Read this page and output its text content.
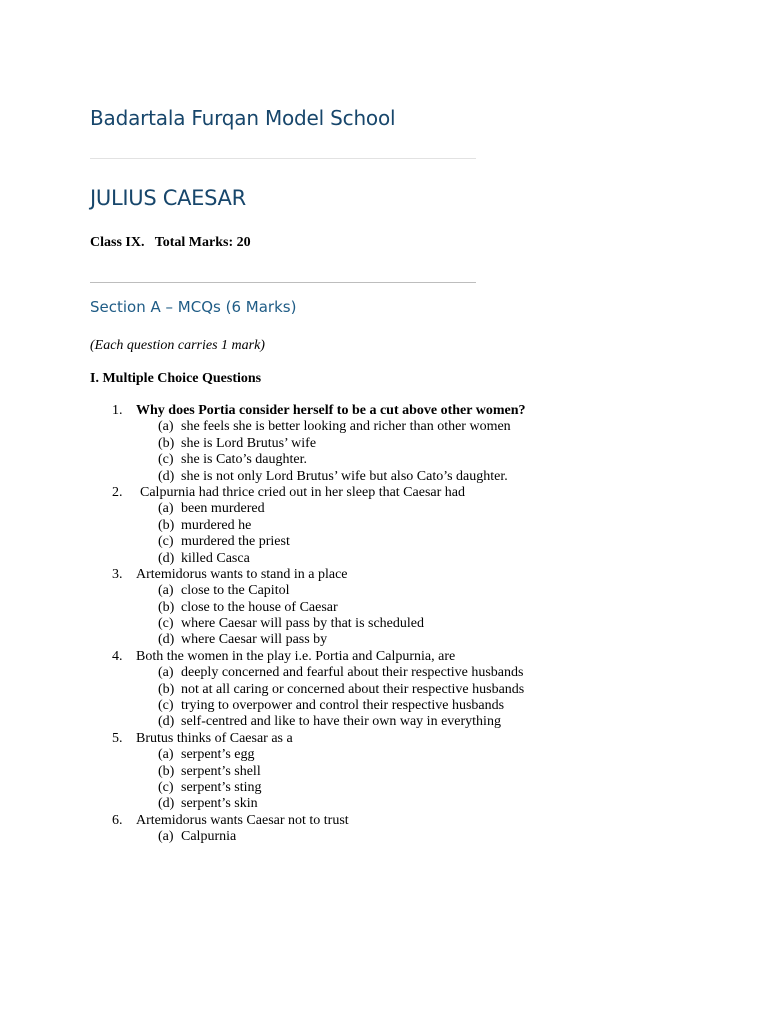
Badartala Furqan Model School
JULIUS CAESAR
Class IX.   Total Marks: 20
Section A – MCQs (6 Marks)
(Each question carries 1 mark)
I. Multiple Choice Questions
1. Why does Portia consider herself to be a cut above other women?
(a) she feels she is better looking and richer than other women
(b) she is Lord Brutus’ wife
(c) she is Cato’s daughter.
(d) she is not only Lord Brutus’ wife but also Cato’s daughter.
2.	Calpurnia had thrice cried out in her sleep that Caesar had
(a) been murdered
(b) murdered he
(c) murdered the priest
(d) killed Casca
3. Artemidorus wants to stand in a place
(a) close to the Capitol
(b) close to the house of Caesar
(c) where Caesar will pass by that is scheduled
(d) where Caesar will pass by
4. Both the women in the play i.e. Portia and Calpurnia, are
(a) deeply concerned and fearful about their respective husbands
(b) not at all caring or concerned about their respective husbands
(c) trying to overpower and control their respective husbands
(d) self-centred and like to have their own way in everything
5. Brutus thinks of Caesar as a
(a) serpent’s egg
(b) serpent’s shell
(c) serpent’s sting
(d) serpent’s skin
6. Artemidorus wants Caesar not to trust
(a) Calpurnia
